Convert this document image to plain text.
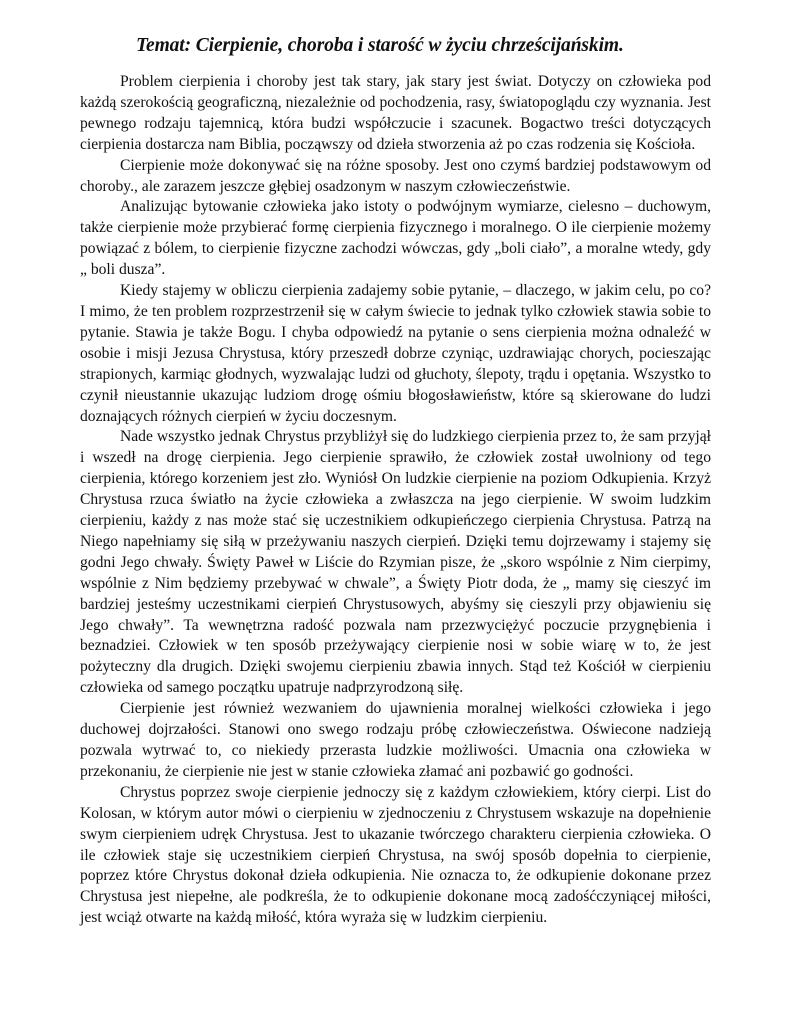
Temat: Cierpienie, choroba i starość w życiu chrześcijańskim.

Problem cierpienia i choroby jest tak stary, jak stary jest świat. Dotyczy on człowieka pod każdą szerokością geograficzną, niezależnie od pochodzenia, rasy, światopoglądu czy wyznania. Jest pewnego rodzaju tajemnicą, która budzi współczucie i szacunek. Bogactwo treści dotyczących cierpienia dostarcza nam Biblia, począwszy od dzieła stworzenia aż po czas rodzenia się Kościoła.

Cierpienie może dokonywać się na różne sposoby. Jest ono czymś bardziej podstawowym od choroby., ale zarazem jeszcze głębiej osadzonym w naszym człowieczeństwie.

Analizując bytowanie człowieka jako istoty o podwójnym wymiarze, cielesno – duchowym, także cierpienie może przybierać formę cierpienia fizycznego i moralnego. O ile cierpienie możemy powiązać z bólem, to cierpienie fizyczne zachodzi wówczas, gdy „boli ciało”, a moralne wtedy, gdy „ boli dusza”.

Kiedy stajemy w obliczu cierpienia zadajemy sobie pytanie, – dlaczego, w jakim celu, po co? I mimo, że ten problem rozprzestrzenił się w całym świecie to jednak tylko człowiek stawia sobie to pytanie. Stawia je także Bogu. I chyba odpowiedź na pytanie o sens cierpienia można odnaleźć w osobie i misji Jezusa Chrystusa, który przeszedł dobrze czyniąc, uzdrawiając chorych, pocieszając strapionych, karmiąc głodnych, wyzwalając ludzi od głuchoty, ślepoty, trądu i opętania. Wszystko to czynił nieustannie ukazując ludziom drogę ośmiu błogosławieństw, które są skierowane do ludzi doznających różnych cierpień w życiu doczesnym.

Nade wszystko jednak Chrystus przybliżył się do ludzkiego cierpienia przez to, że sam przyjął i wszedł na drogę cierpienia. Jego cierpienie sprawiło, że człowiek został uwolniony od tego cierpienia, którego korzeniem jest zło. Wyniósł On ludzkie cierpienie na poziom Odkupienia. Krzyż Chrystusa rzuca światło na życie człowieka a zwłaszcza na jego cierpienie. W swoim ludzkim cierpieniu, każdy z nas może stać się uczestnikiem odkupieńczego cierpienia Chrystusa. Patrzą na Niego napełniamy się siłą w przeżywaniu naszych cierpień. Dzięki temu dojrzewamy i stajemy się godni Jego chwały. Święty Paweł w Liście do Rzymian pisze, że „skoro wspólnie z Nim cierpimy, wspólnie z Nim będziemy przebywać w chwale”, a Święty Piotr doda, że „ mamy się cieszyć im bardziej jesteśmy uczestnikami cierpień Chrystusowych, abyśmy się cieszyli przy objawieniu się Jego chwały”. Ta wewnętrzna radość pozwala nam przezwyciężyć poczucie przygnębienia i beznadziei. Człowiek w ten sposób przeżywający cierpienie nosi w sobie wiarę w to, że jest pożyteczny dla drugich. Dzięki swojemu cierpieniu zbawia innych. Stąd też Kościół w cierpieniu człowieka od samego początku upatruje nadprzyrodzoną siłę.

Cierpienie jest również wezwaniem do ujawnienia moralnej wielkości człowieka i jego duchowej dojrzałości. Stanowi ono swego rodzaju próbę człowieczeństwa. Oświecone nadzieją pozwala wytrwać to, co niekiedy przerasta ludzkie możliwości. Umacnia ona człowieka w przekonaniu, że cierpienie nie jest w stanie człowieka złamać ani pozbawić go godności.

Chrystus poprzez swoje cierpienie jednoczy się z każdym człowiekiem, który cierpi. List do Kolosan, w którym autor mówi o cierpieniu w zjednoczeniu z Chrystusem wskazuje na dopełnienie swym cierpieniem udręk Chrystusa. Jest to ukazanie twórczego charakteru cierpienia człowieka. O ile człowiek staje się uczestnikiem cierpień Chrystusa, na swój sposób dopełnia to cierpienie, poprzez które Chrystus dokonał dzieła odkupienia. Nie oznacza to, że odkupienie dokonane przez Chrystusa jest niepełne, ale podkreśla, że to odkupienie dokonane mocą zadośćczyniącej miłości, jest wciąż otwarte na każdą miłość, która wyraża się w ludzkim cierpieniu.
